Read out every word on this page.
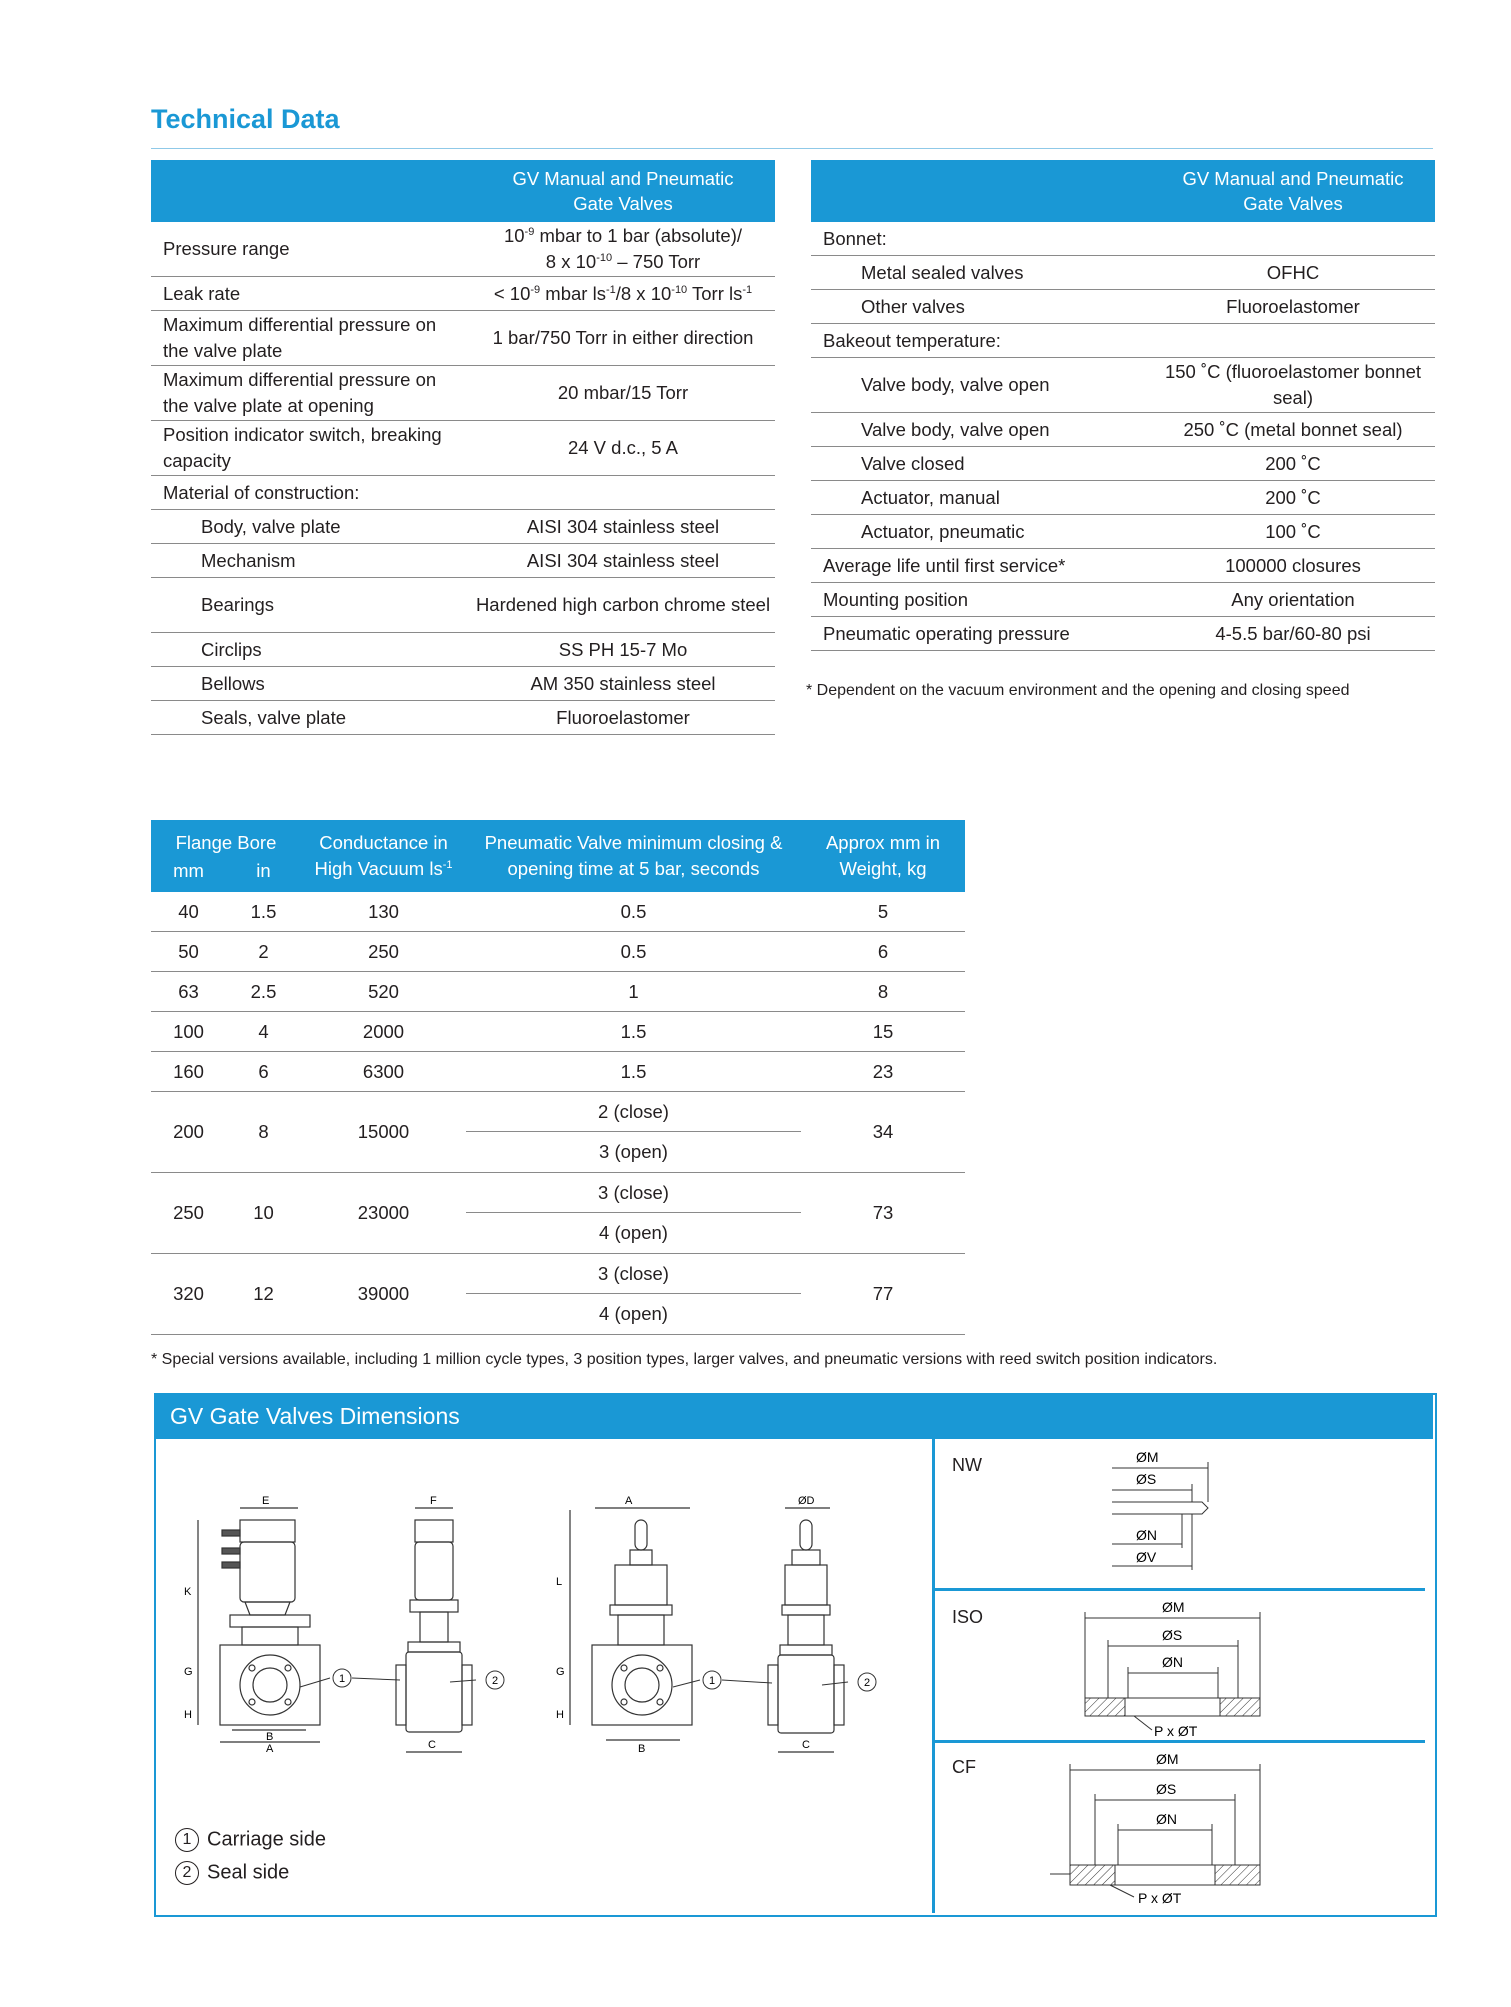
Technical Data
	GV Manual and Pneumatic Gate Valves
Pressure range	$10^{-9}$ mbar to 1 bar (absolute)/
8 x $10^{-10} - 750$ Torr
Leak rate	< $10^{-9}$ mbar $ls^{-1}/8$ x $10^{-10}$ Torr $ls^{-1}$
Maximum differential pressure on the valve plate	1 bar/750 Torr in either direction
Maximum differential pressure on the valve plate at opening	20 mbar/15 Torr
Position indicator switch, breaking capacity	24 V d.c., 5 A
Material of construction:	
Body, valve plate	AISI 304 stainless steel
Mechanism	AISI 304 stainless steel
Bearings	Hardened high carbon chrome steel
Circlips	SS PH 15-7 Mo
Bellows	AM 350 stainless steel
Seals, valve plate	Fluoroelastomer
	GV Manual and Pneumatic Gate Valves
Bonnet:	
Metal sealed valves	OFHC
Other valves	Fluoroelastomer
Bakeout temperature:	
Valve body, valve open	150 ˚C (fluoroelastomer bonnet seal)
Valve body, valve open	250 ˚C (metal bonnet seal)
Valve closed	200 ˚C
Actuator, manual	200 ˚C
Actuator, pneumatic	100 ˚C
Average life until first service*	100000 closures
Mounting position	Any orientation
Pneumatic operating pressure	4-5.5 bar/60-80 psi
* Dependent on the vacuum environment and the opening and closing speed
Flange Bore		Conductance in High Vacuum $ls^{-1}$	Pneumatic Valve minimum closing & opening time at 5 bar, seconds	Approx mm in Weight, kg
mm	in			
40	1.5	130	0.5	5
50	2	250	0.5	6
63	2.5	520	1	8
100	4	2000	1.5	15
160	6	6300	1.5	23
200	8	15000	2 (close)	34
			3 (open)	
250	10	23000	3 (close)	73
			4 (open)	
320	12	39000	3 (close)	77
			4 (open)	
* Special versions available, including 1 million cycle types, 3 position types, larger valves, and pneumatic versions with reed switch position indicators.
GV Gate Valves Dimensions
E
K
G
H
B
A
F
C
1	2
A
L
G
H
B
ØD
C
1	2
1 Carriage side
2 Seal side
NW	ØM
ØS
ØN
ØV
ISO	ØM
ØS
ØN
P x ØT
CF	ØM
ØS
ØN
P x ØT
